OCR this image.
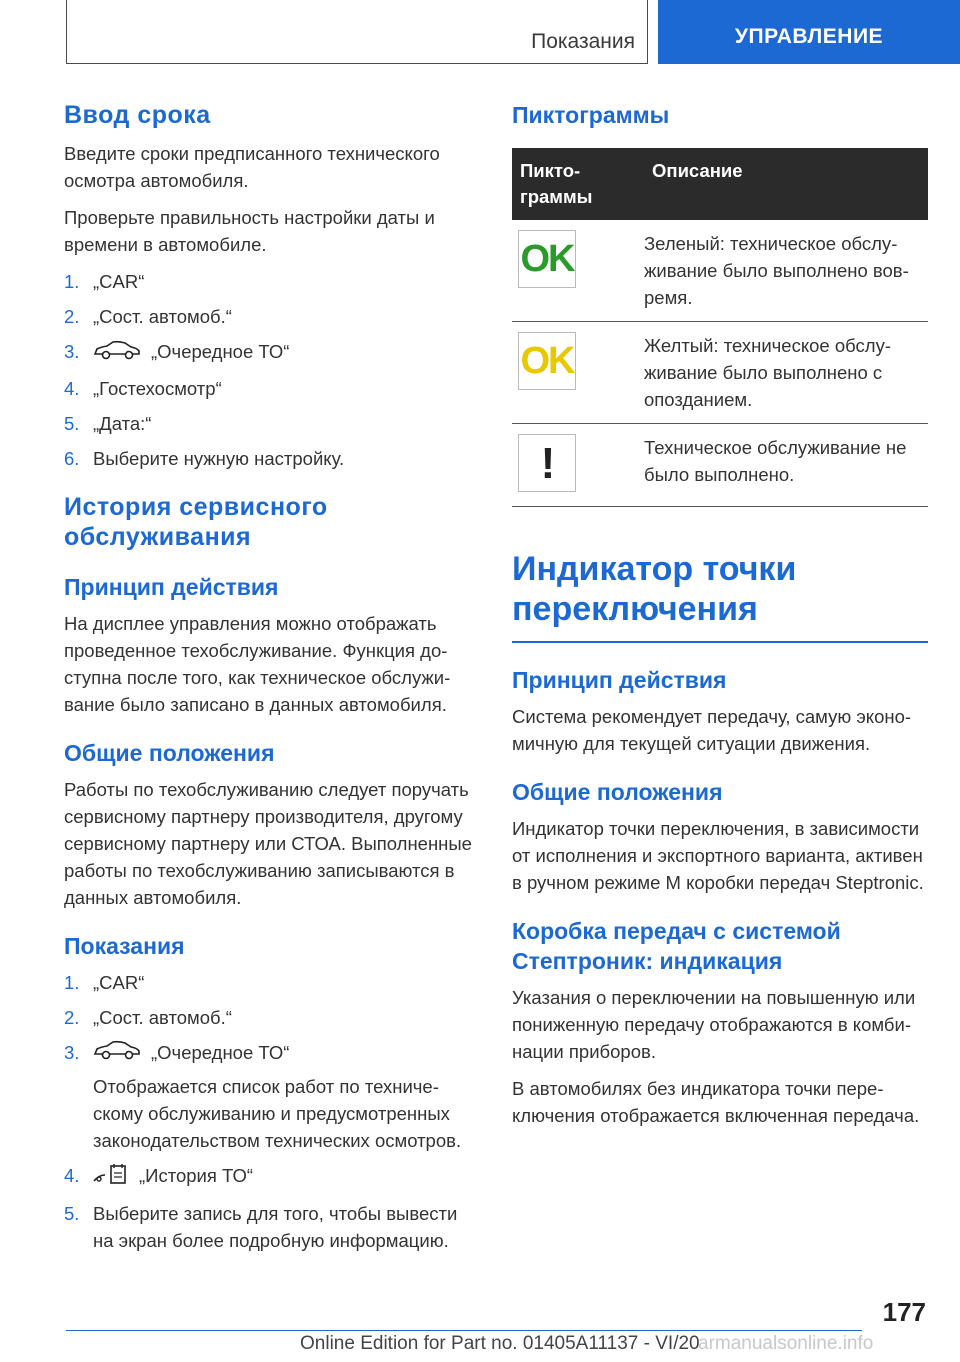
Показания	УПРАВЛЕНИЕ
Ввод срока

Введите сроки предписанного технического осмотра автомобиля.

Проверьте правильность настройки даты и времени в автомобиле.

1. „CAR“
2. „Сост. автомоб.“
3.	„Очередное ТО“
4. „Гостехосмотр“
5. „Дата:“
6. Выберите нужную настройку.
История сервисного обслуживания
Принцип действия

На дисплее управления можно отображать проведенное техобслуживание. Функция доступна после того, как техническое обслуживание было записано в данных автомобиля.

Общие положения

Работы по техобслуживанию следует поручать сервисному партнеру производителя, другому сервисному партнеру или СТОА. Выполненные работы по техобслуживанию записываются в данных автомобиля.

Показания
1. „CAR“
2. „Сост. автомоб.“
3.	„Очередное ТО“

Отображается список работ по техническому обслуживанию и предусмотренных законодательством технических осмотров.
4.	„История ТО“
5. Выберите запись для того, чтобы вывести на экран более подробную информацию.
Пиктограммы
Пиктограммы	Описание

OK	Зеленый: техническое обслуживание было выполнено вовремя.

OK	Желтый: техническое обслуживание было выполнено с опозданием.

!	Техническое обслуживание не было выполнено.
Индикатор точки переключения
Принцип действия

Система рекомендует передачу, самую экономичную для текущей ситуации движения.

Общие положения

Индикатор точки переключения, в зависимости от исполнения и экспортного варианта, активен в ручном режиме M коробки передач Steptronic.

Коробка передач с системой Стептроник: индикация

Указания о переключении на повышенную или пониженную передачу отображаются в комбинации приборов.

В автомобилях без индикатора точки переключения отображается включенная передача.

177
Online Edition for Part no. 01405A11137 - VI/20
armanualsonline.info
